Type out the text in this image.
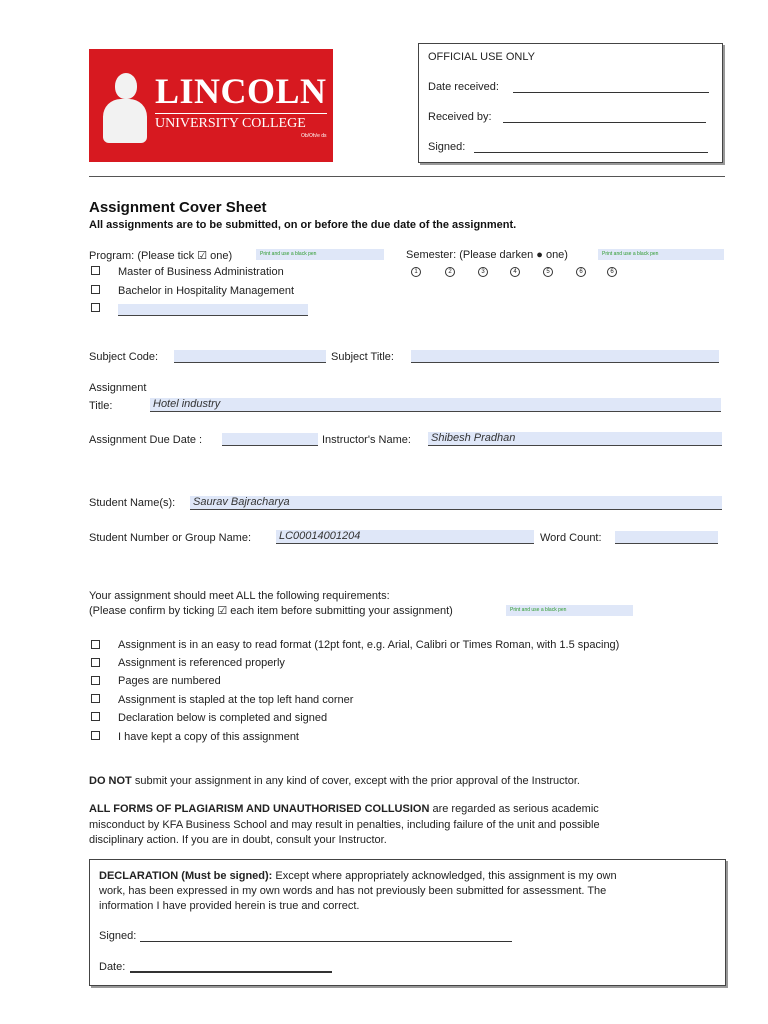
LINCOLN
UNIVERSITY COLLEGE
Ob/Oh/e ds
OFFICIAL USE ONLY
Date received:
Received by:
Signed:
Assignment Cover Sheet
All assignments are to be submitted, on or before the due date of the assignment.
Program: (Please tick ☑ one)	Print and use a black pen
Master of Business Administration
Bachelor in Hospitality Management
Semester: (Please darken ● one)	Print and use a black pen
1	2	3	4	5	6	6
Subject Code:	Subject Title:
Assignment
Title:	Hotel industry
Assignment Due Date :	Instructor's Name: Shibesh Pradhan
Student Name(s): Saurav Bajracharya
Student Number or Group Name:	LC00014001204	Word Count:
Your assignment should meet ALL the following requirements:
(Please confirm by ticking ☑ each item before submitting your assignment)	Print and use a black pen
Assignment is in an easy to read format (12pt font, e.g. Arial, Calibri or Times Roman, with 1.5 spacing)
Assignment is referenced properly
Pages are numbered
Assignment is stapled at the top left hand corner
Declaration below is completed and signed
I have kept a copy of this assignment
DO NOT submit your assignment in any kind of cover, except with the prior approval of the Instructor.
ALL FORMS OF PLAGIARISM AND UNAUTHORISED COLLUSION are regarded as serious academic
misconduct by KFA Business School and may result in penalties, including failure of the unit and possible
disciplinary action. If you are in doubt, consult your Instructor.
DECLARATION (Must be signed): Except where appropriately acknowledged, this assignment is my own
work, has been expressed in my own words and has not previously been submitted for assessment. The
information I have provided herein is true and correct.
Signed:
Date:
